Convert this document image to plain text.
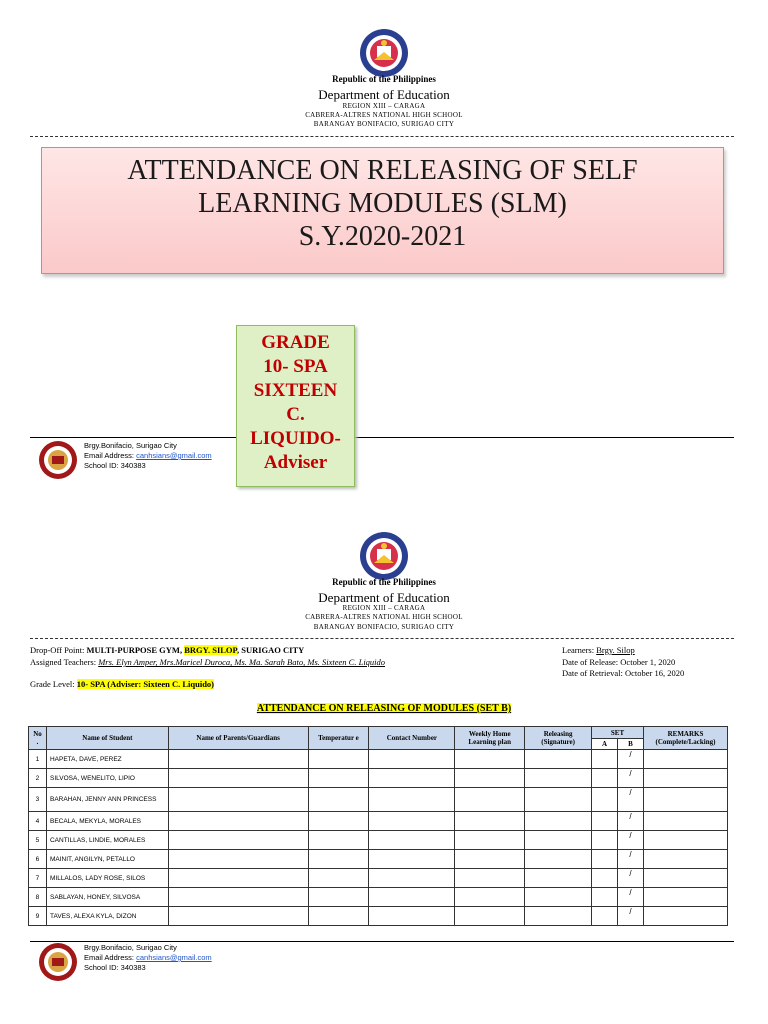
Republic of the Philippines
Department of Education
REGION XIII – CARAGA
CABRERA-ALTRES NATIONAL HIGH SCHOOL
BARANGAY BONIFACIO, SURIGAO CITY
ATTENDANCE ON RELEASING OF SELF
LEARNING MODULES (SLM)
S.Y.2020-2021
GRADE
10- SPA
SIXTEEN
C.
LIQUIDO-
Adviser
Brgy.Bonifacio, Surigao City
Email Address: canhsians@gmail.com
School ID: 340383
Republic of the Philippines
Department of Education
REGION XIII – CARAGA
CABRERA-ALTRES NATIONAL HIGH SCHOOL
BARANGAY BONIFACIO, SURIGAO CITY
Drop-Off Point: MULTI-PURPOSE GYM, BRGY. SILOP, SURIGAO CITY
Assigned Teachers: Mrs. Elyn Amper, Mrs.Maricel Duroca, Ms. Ma. Sarah Bato, Ms. Sixteen C. Liquido
Grade Level: 10- SPA (Adviser: Sixteen C. Liquido)
Learners: Brgy. Silop
Date of Release: October 1, 2020
Date of Retrieval: October 16, 2020
ATTENDANCE ON RELEASING OF MODULES (SET B)
No .	Name of Student	Name of Parents/Guardians	Temperatur e	Contact Number	Weekly Home Learning plan	Releasing (Signature)	SET		REMARKS (Complete/Lacking)
							A	B	
1	HAPETA, DAVE, PEREZ							/	
2	SILVOSA, WENELITO, LIPIO							/	
3	BARAHAN, JENNY ANN PRINCESS							/	
4	BECALA, MEKYLA, MORALES							/	
5	CANTILLAS, LINDIE, MORALES							/	
6	MAINIT, ANGILYN, PETALLO							/	
7	MILLALOS, LADY ROSE, SILOS							/	
8	SABLAYAN, HONEY, SILVOSA							/	
9	TAVES, ALEXA KYLA, DIZON							/	
Brgy.Bonifacio, Surigao City
Email Address: canhsians@gmail.com
School ID: 340383
